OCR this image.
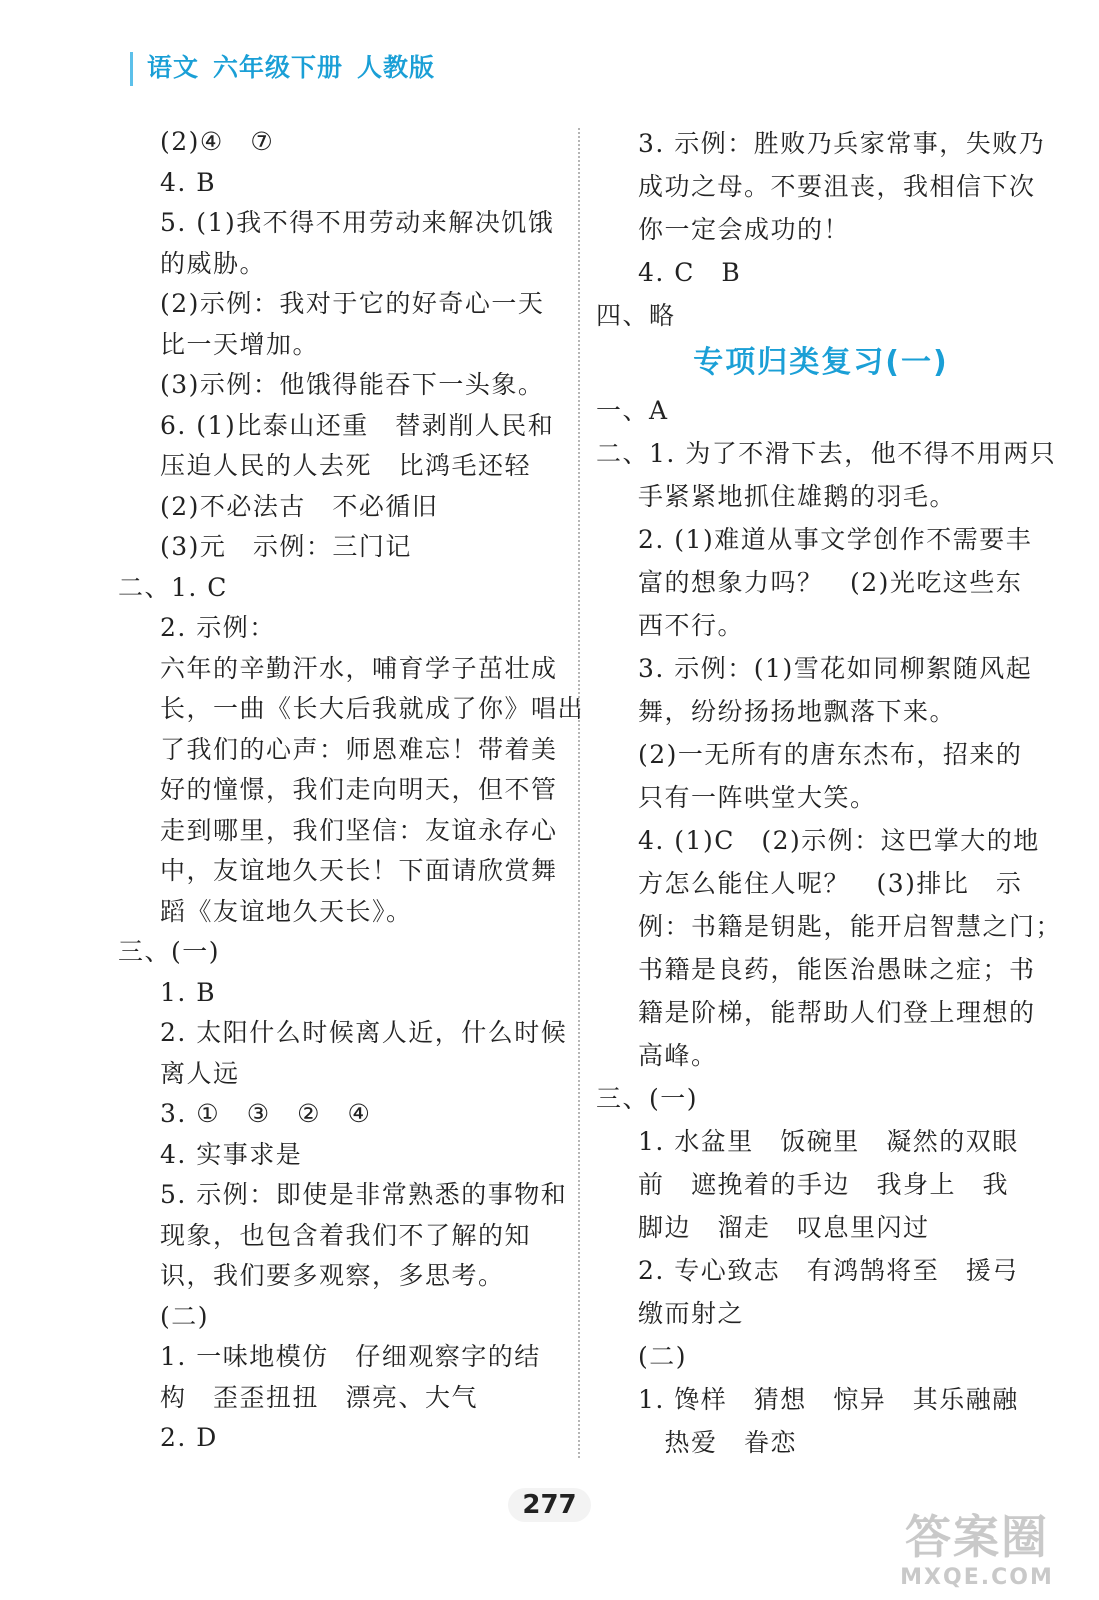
语文 六年级下册 人教版
(2)④　⑦
4. B
5. (1)我不得不用劳动来解决饥饿
的威胁。
(2)示例：我对于它的好奇心一天
比一天增加。
(3)示例：他饿得能吞下一头象。
6. (1)比泰山还重　替剥削人民和
压迫人民的人去死　比鸿毛还轻
(2)不必法古　不必循旧
(3)元　示例：三门记
二、1. C
2. 示例：
六年的辛勤汗水，哺育学子茁壮成
长，一曲《长大后我就成了你》唱出
了我们的心声：师恩难忘！带着美
好的憧憬，我们走向明天，但不管
走到哪里，我们坚信：友谊永存心
中，友谊地久天长！下面请欣赏舞
蹈《友谊地久天长》。
三、(一)
1. B
2. 太阳什么时候离人近，什么时候
离人远
3. ①　③　②　④
4. 实事求是
5. 示例：即使是非常熟悉的事物和
现象，也包含着我们不了解的知
识，我们要多观察，多思考。
(二)
1. 一味地模仿　仔细观察字的结
构　歪歪扭扭　漂亮、大气
2. D
3. 示例：胜败乃兵家常事，失败乃
成功之母。不要沮丧，我相信下次
你一定会成功的！
4. C　B
四、略
专项归类复习(一)
一、A
二、1. 为了不滑下去，他不得不用两只
手紧紧地抓住雄鹅的羽毛。
2. (1)难道从事文学创作不需要丰
富的想象力吗？　(2)光吃这些东
西不行。
3. 示例：(1)雪花如同柳絮随风起
舞，纷纷扬扬地飘落下来。
(2)一无所有的唐东杰布，招来的
只有一阵哄堂大笑。
4. (1)C　(2)示例：这巴掌大的地
方怎么能住人呢？　(3)排比　示
例：书籍是钥匙，能开启智慧之门；
书籍是良药，能医治愚昧之症；书
籍是阶梯，能帮助人们登上理想的
高峰。
三、(一)
1. 水盆里　饭碗里　凝然的双眼
前　遮挽着的手边　我身上　我
脚边　溜走　叹息里闪过
2. 专心致志　有鸿鹄将至　援弓
缴而射之
(二)
1. 馋样　猜想　惊异　其乐融融
　热爱　眷恋
277
答案圈
MXQE.COM
